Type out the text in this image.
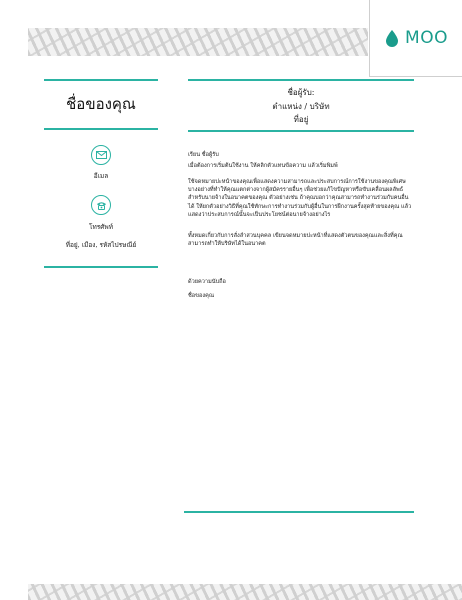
MOO
ชื่อของคุณ
อีเมล
โทรศัพท์
ที่อยู่, เมือง, รหัสไปรษณีย์
ชื่อผู้รับ:
ตำแหน่ง / บริษัท
ที่อยู่
เรียน ชื่อผู้รับ
เมื่อต้องการเริ่มต้นใช้งาน ให้คลิกตัวแทนข้อความ แล้วเริ่มพิมพ์
ใช้จดหมายปะหน้าของคุณเพื่อแสดงความสามารถและประสบการณ์การใช้งานของคุณพิเศษบางอย่างที่ทำให้คุณแตกต่างจากผู้สมัครรายอื่นๆ เพื่อช่วยแก้ไขปัญหาหรือขับเคลื่อนผลลัพธ์สำหรับนายจ้างในอนาคตของคุณ ตัวอย่างเช่น ถ้าคุณบอกว่าคุณสามารถทำงานร่วมกับคนอื่นได้ ให้ยกตัวอย่างวิธีที่คุณใช้ทักษะการทำงานร่วมกับผู้อื่นในการฝึกงานครั้งสุดท้ายของคุณ แล้วแสดงว่าประสบการณ์นั้นจะเป็นประโยชน์ต่อนายจ้างอย่างไร
ทั้งหมดเกี่ยวกับการสั่งลำสวนบุคคล เขียนจดหมายปะหน้าที่แสดงตัวตนของคุณและสิ่งที่คุณสามารถทำให้บริษัทได้ในอนาคต
ด้วยความนับถือ
ชื่อของคุณ
